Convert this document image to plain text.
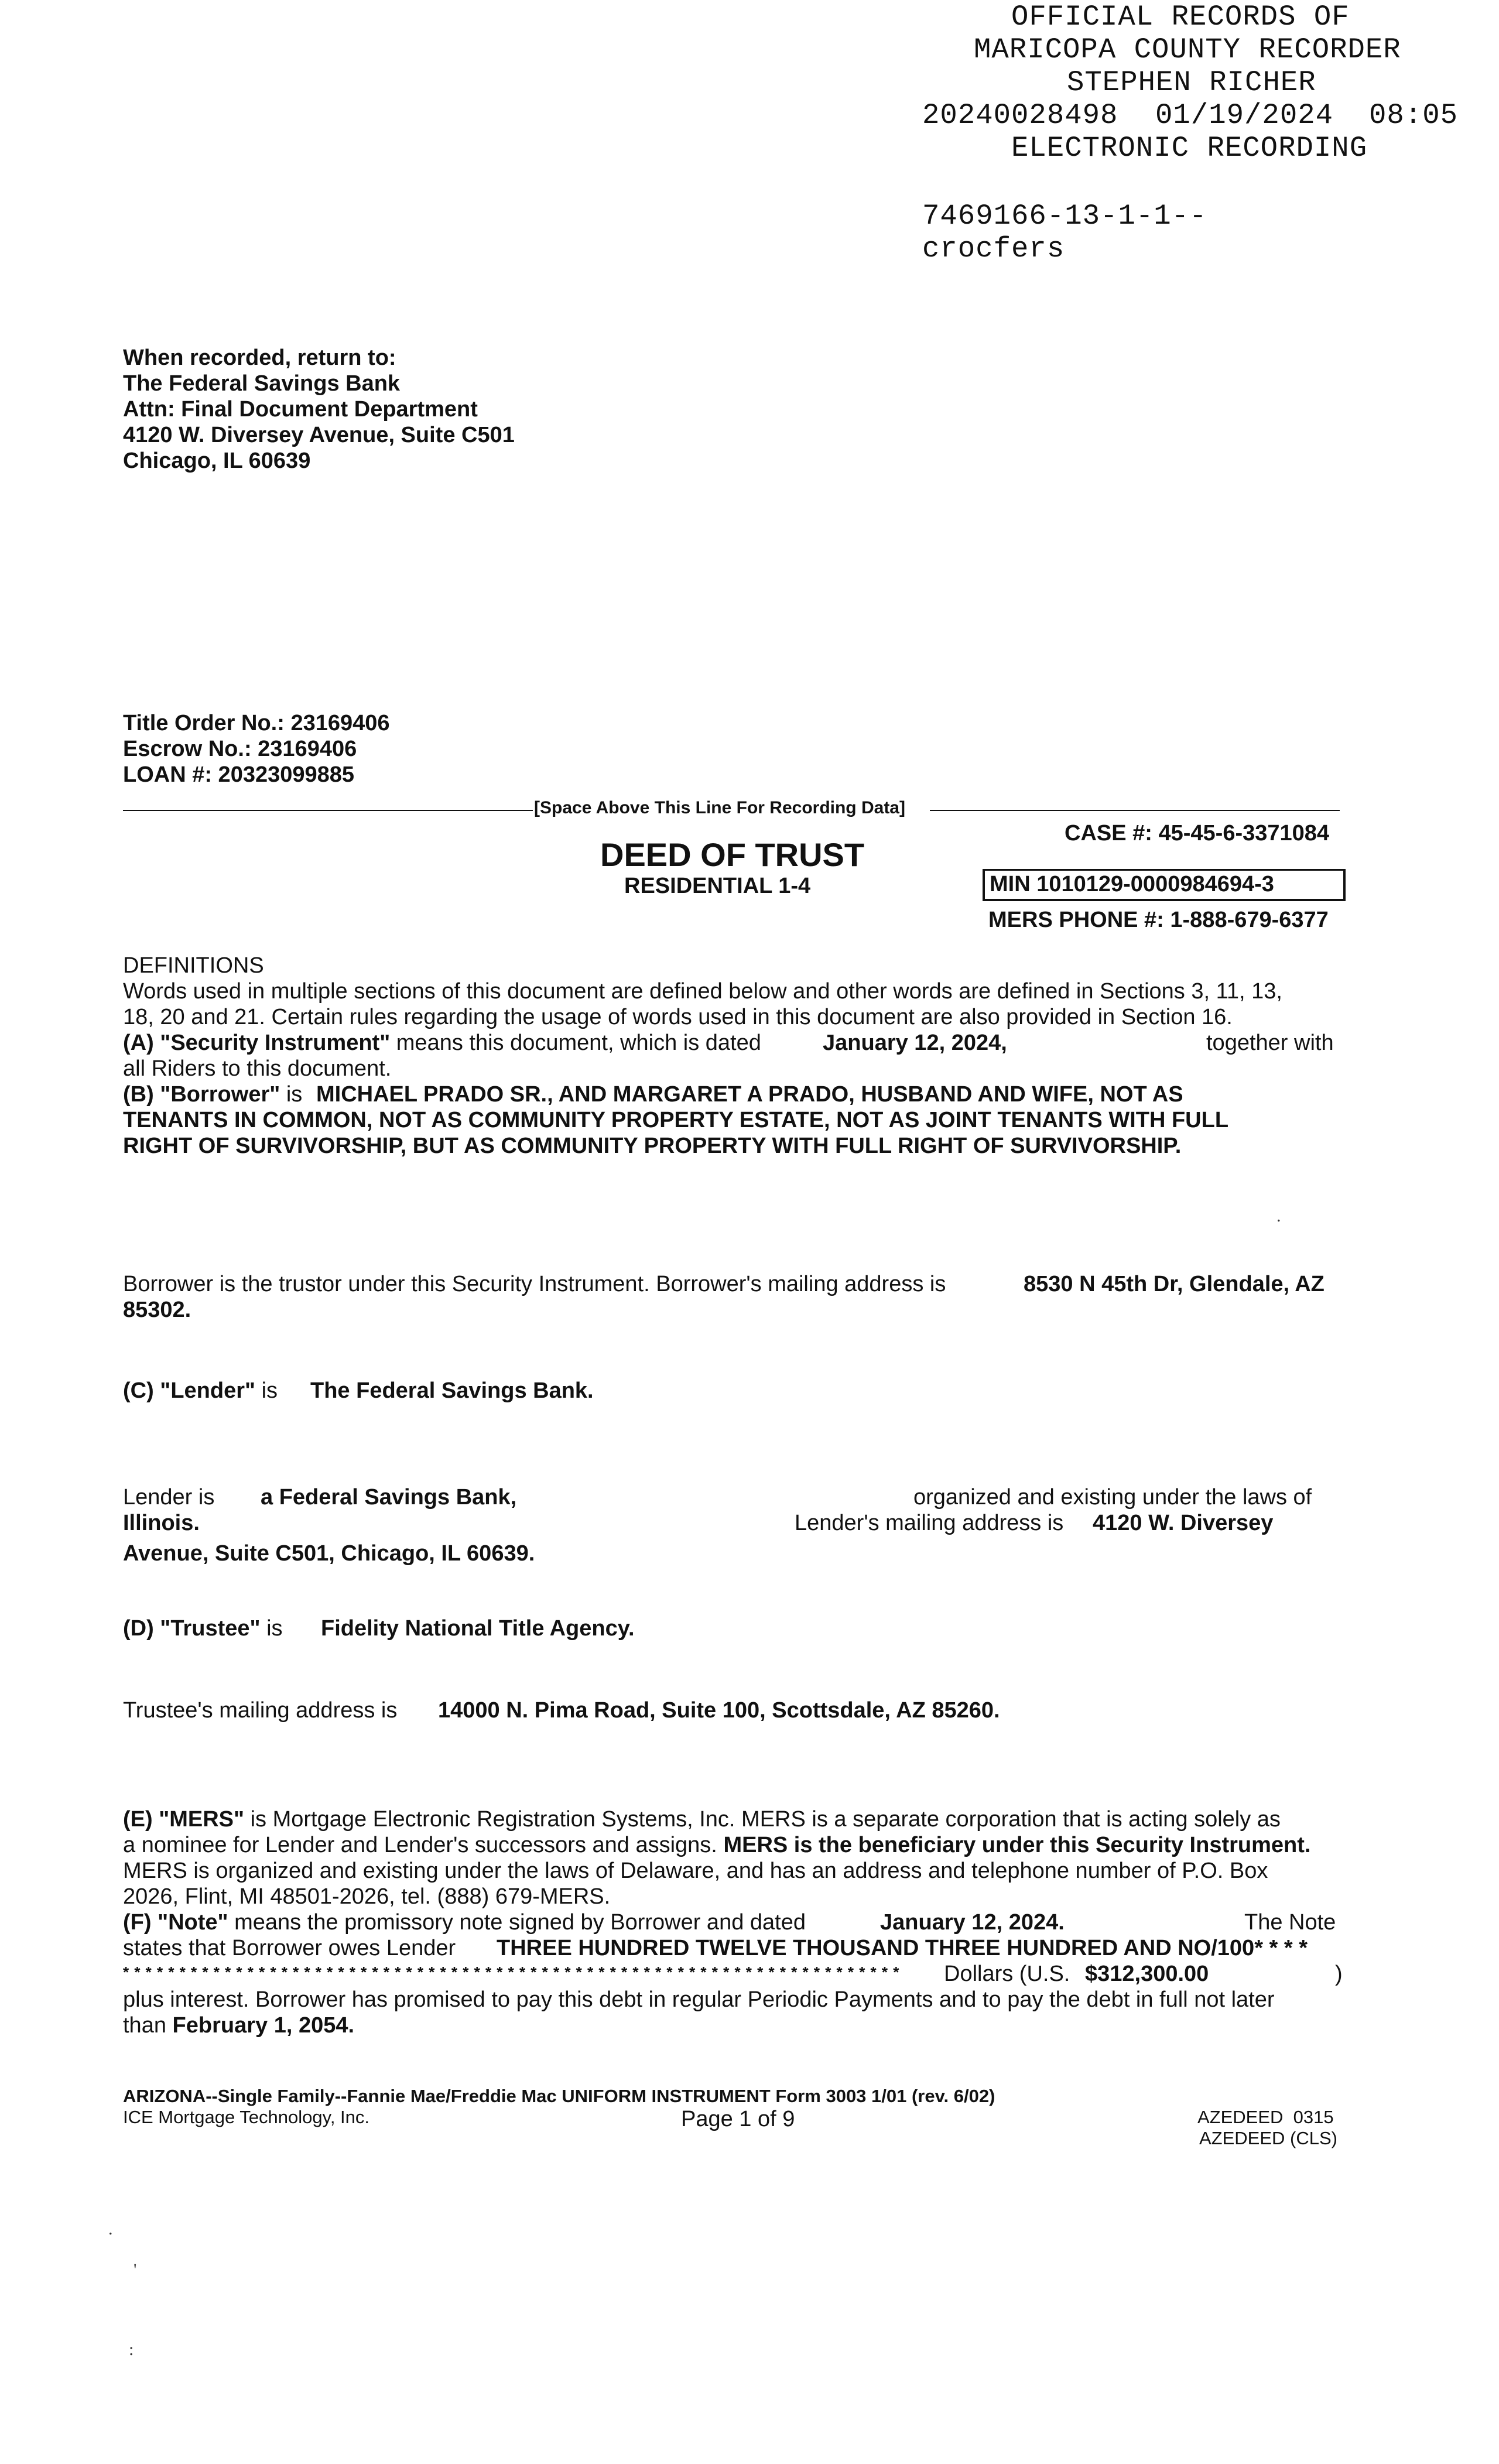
OFFICIAL RECORDS OF
MARICOPA COUNTY RECORDER
STEPHEN RICHER
20240028498 01/19/2024 08:05
ELECTRONIC RECORDING
7469166-13-1-1--
crocfers
When recorded, return to:
The Federal Savings Bank
Attn: Final Document Department
4120 W. Diversey Avenue, Suite C501
Chicago, IL 60639
Title Order No.: 23169406
Escrow No.: 23169406
LOAN #: 20323099885
[Space Above This Line For Recording Data]
CASE #: 45-45-6-3371084
DEED OF TRUST
RESIDENTIAL 1-4	MIN 1010129-0000984694-3
MERS PHONE #: 1-888-679-6377
DEFINITIONS
Words used in multiple sections of this document are defined below and other words are defined in Sections 3, 11, 13,
18, 20 and 21. Certain rules regarding the usage of words used in this document are also provided in Section 16.
(A) "Security Instrument" means this document, which is dated	January 12, 2024,	together with
all Riders to this document.
(B) "Borrower" is MICHAEL PRADO SR., AND MARGARET A PRADO, HUSBAND AND WIFE, NOT AS
TENANTS IN COMMON, NOT AS COMMUNITY PROPERTY ESTATE, NOT AS JOINT TENANTS WITH FULL
RIGHT OF SURVIVORSHIP, BUT AS COMMUNITY PROPERTY WITH FULL RIGHT OF SURVIVORSHIP.
.
Borrower is the trustor under this Security Instrument. Borrower's mailing address is	8530 N 45th Dr, Glendale, AZ
85302.
(C) "Lender" is The Federal Savings Bank.
Lender is a Federal Savings Bank,	organized and existing under the laws of
Illinois.	Lender's mailing address is 4120 W. Diversey
Avenue, Suite C501, Chicago, IL 60639.
(D) "Trustee" is Fidelity National Title Agency.
Trustee's mailing address is 14000 N. Pima Road, Suite 100, Scottsdale, AZ 85260.
(E) "MERS" is Mortgage Electronic Registration Systems, Inc. MERS is a separate corporation that is acting solely as
a nominee for Lender and Lender's successors and assigns. MERS is the beneficiary under this Security Instrument.
MERS is organized and existing under the laws of Delaware, and has an address and telephone number of P.O. Box
2026, Flint, MI 48501-2026, tel. (888) 679-MERS.
(F) "Note" means the promissory note signed by Borrower and dated	January 12, 2024.	The Note
states that Borrower owes Lender THREE HUNDRED TWELVE THOUSAND THREE HUNDRED AND NO/100* * * *
* * * * * * * * * * * * * * * * * * * * * * * * * * * * * * * * * * * * * * * * * * * * * * * * * * * * * * * * * * * * * * * * * * * * * Dollars (U.S. $312,300.00	)
plus interest. Borrower has promised to pay this debt in regular Periodic Payments and to pay the debt in full not later
than February 1, 2054.
ARIZONA--Single Family--Fannie Mae/Freddie Mac UNIFORM INSTRUMENT Form 3003 1/01 (rev. 6/02)
ICE Mortgage Technology, Inc.	Page 1 of 9	AZEDEED  0315
AZEDEED (CLS)
.
'
:
